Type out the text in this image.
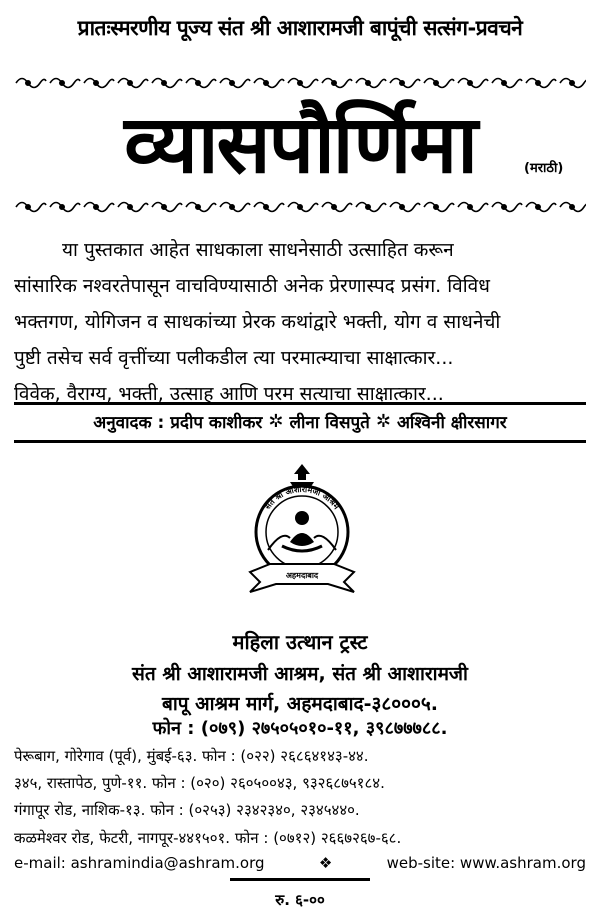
प्रातःस्मरणीय पूज्य संत श्री आशारामजी बापूंची सत्संग-प्रवचने
व्यासपौर्णिमा	(मराठी)

या पुस्तकात आहेत साधकाला साधनेसाठी उत्साहित करून

सांसारिक नश्वरतेपासून वाचविण्यासाठी अनेक प्रेरणास्पद प्रसंग. विविध

भक्तगण, योगिजन व साधकांच्या प्रेरक कथांद्वारे भक्ती, योग व साधनेची

पुष्टी तसेच सर्व वृत्तींच्या पलीकडील त्या परमात्म्याचा साक्षात्कार...

विवेक, वैराग्य, भक्ती, उत्साह आणि परम सत्याचा साक्षात्कार...

अनुवादक : प्रदीप काशीकर ✲ लीना विसपुते ✲ अश्विनी क्षीरसागर
संत श्री आशारामजी आश्रम
अहमदाबाद
महिला उत्थान ट्रस्ट
संत श्री आशारामजी आश्रम, संत श्री आशारामजी
बापू आश्रम मार्ग, अहमदाबाद-३८०००५.
फोन : (०७९) २७५०५०१०-११, ३९८७७७८८.
पेरूबाग, गोरेगाव (पूर्व), मुंबई-६३. फोन : (०२२) २६८६४१४३-४४.
३४५, रास्तापेठ, पुणे-११. फोन : (०२०) २६०५००४३, ९३२६८७५१८४.
गंगापूर रोड, नाशिक-१३. फोन : (०२५३) २३४२३४०, २३४५४४०.
कळमेश्वर रोड, फेटरी, नागपूर-४४१५०१. फोन : (०७१२) २६६७२६७-६८.
e-mail: ashramindia@ashram.org	❖	web-site: www.ashram.org
रु. ६-००
